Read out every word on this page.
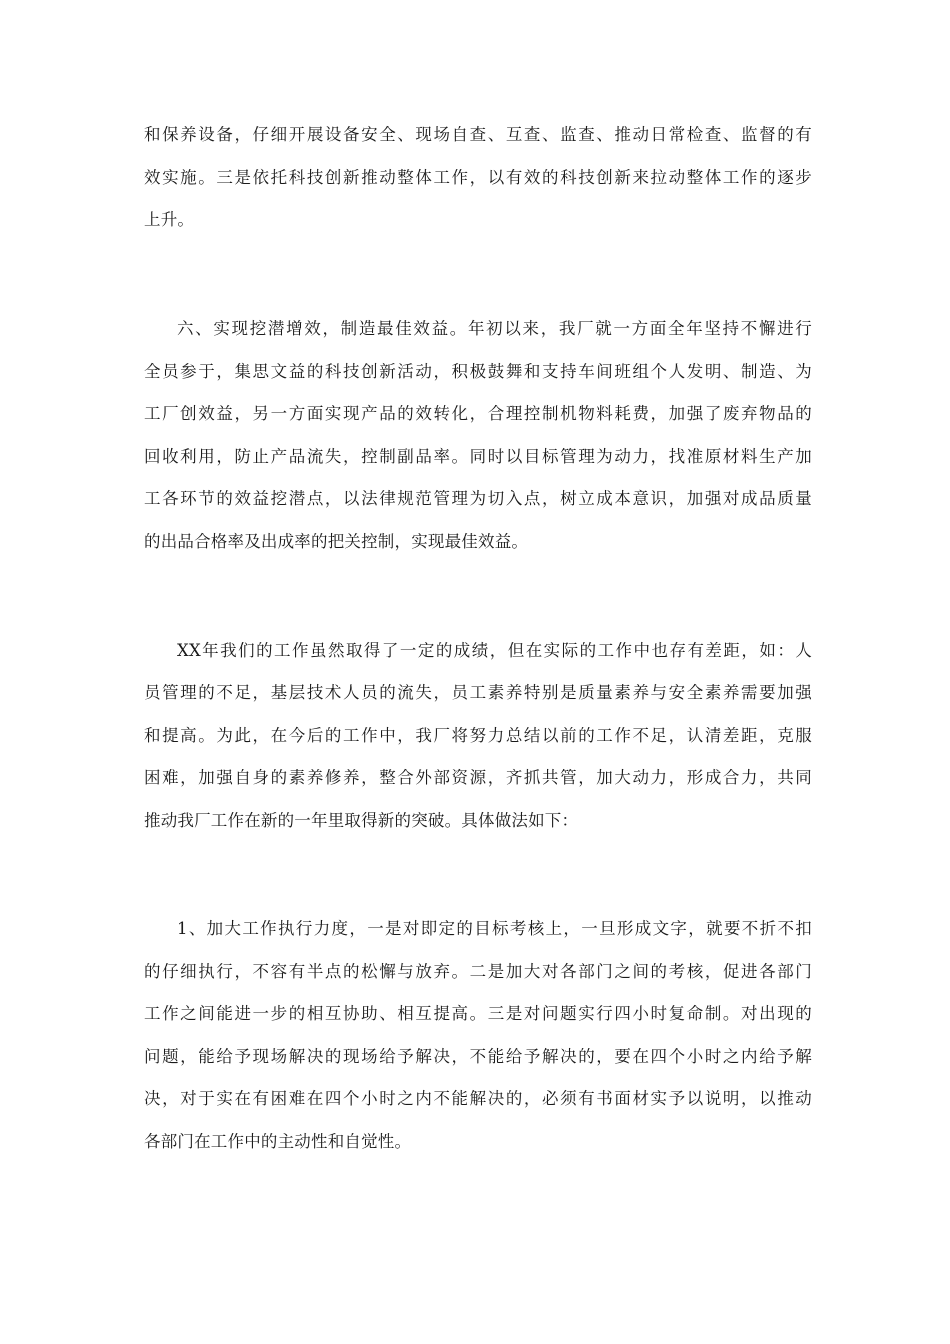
和保养设备，仔细开展设备安全、现场自查、互查、监查、推动日常检查、监督的有
效实施。三是依托科技创新推动整体工作，以有效的科技创新来拉动整体工作的逐步
上升。
六、实现挖潜增效，制造最佳效益。年初以来，我厂就一方面全年坚持不懈进行
全员参于，集思文益的科技创新活动，积极鼓舞和支持车间班组个人发明、制造、为
工厂创效益，另一方面实现产品的效转化，合理控制机物料耗费，加强了废弃物品的
回收利用，防止产品流失，控制副品率。同时以目标管理为动力，找准原材料生产加
工各环节的效益挖潜点，以法律规范管理为切入点，树立成本意识，加强对成品质量
的出品合格率及出成率的把关控制，实现最佳效益。
XX年我们的工作虽然取得了一定的成绩，但在实际的工作中也存有差距，如：人
员管理的不足，基层技术人员的流失，员工素养特别是质量素养与安全素养需要加强
和提高。为此，在今后的工作中，我厂将努力总结以前的工作不足，认清差距，克服
困难，加强自身的素养修养，整合外部资源，齐抓共管，加大动力，形成合力，共同
推动我厂工作在新的一年里取得新的突破。具体做法如下：
1、加大工作执行力度，一是对即定的目标考核上，一旦形成文字，就要不折不扣
的仔细执行，不容有半点的松懈与放弃。二是加大对各部门之间的考核，促进各部门
工作之间能进一步的相互协助、相互提高。三是对问题实行四小时复命制。对出现的
问题，能给予现场解决的现场给予解决，不能给予解决的，要在四个小时之内给予解
决，对于实在有困难在四个小时之内不能解决的，必须有书面材实予以说明，以推动
各部门在工作中的主动性和自觉性。
